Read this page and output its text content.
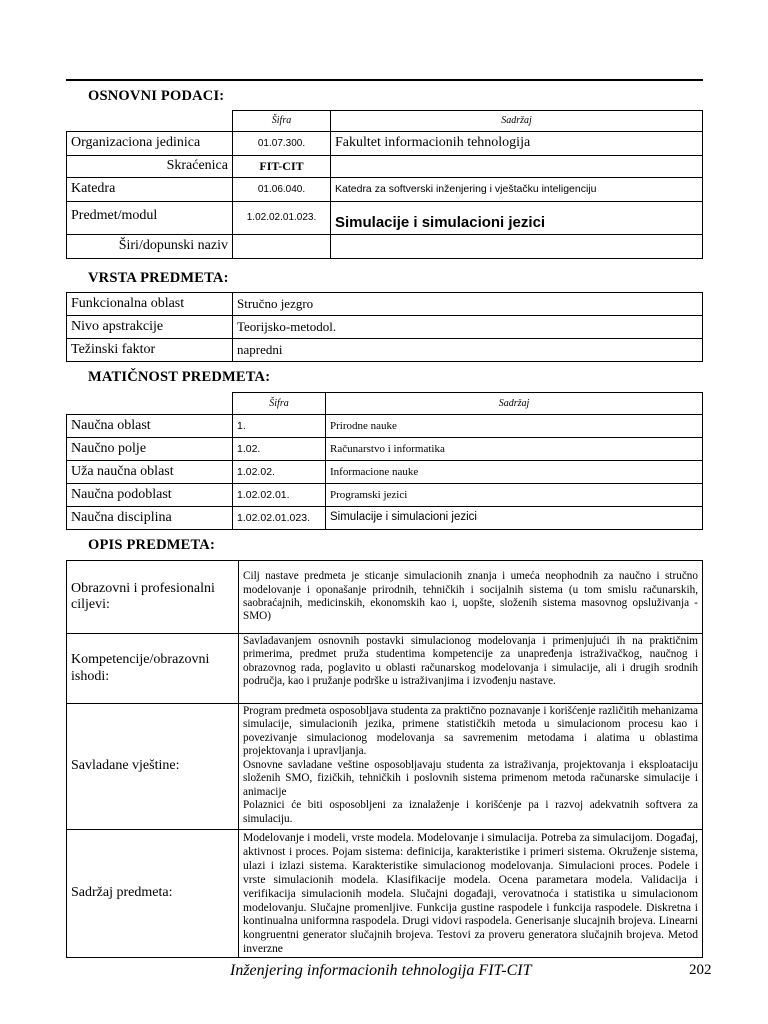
OSNOVNI PODACI:
	Šifra	Sadržaj
Organizaciona jedinica	01.07.300.	Fakultet informacionih tehnologija
Skraćenica	FIT-CIT	
Katedra	01.06.040.	Katedra za softverski inženjering i vještačku inteligenciju
Predmet/modul	1.02.02.01.023.	Simulacije i simulacioni jezici
Širi/dopunski naziv		
VRSTA PREDMETA:
Funkcionalna oblast	Stručno jezgro
Nivo apstrakcije	Teorijsko-metodol.
Težinski faktor	napredni
MATIČNOST PREDMETA:
	Šifra	Sadržaj
Naučna oblast	1.	Prirodne nauke
Naučno polje	1.02.	Računarstvo i informatika
Uža naučna oblast	1.02.02.	Informacione nauke
Naučna podoblast	1.02.02.01.	Programski jezici
Naučna disciplina	1.02.02.01.023.	Simulacije i simulacioni jezici
OPIS PREDMETA:
Obrazovni i profesionalni ciljevi:	Cilj nastave predmeta je sticanje simulacionih znanja i umeća neophodnih za naučno i stručno modelovanje i oponašanje prirodnih, tehničkih i socijalnih sistema (u tom smislu računarskih, saobraćajnih, medicinskih, ekonomskih kao i, uopšte, složenih sistema masovnog opsluživanja - SMO)
Kompetencije/obrazovni ishodi:	Savladavanjem osnovnih postavki simulacionog modelovanja i primenjujući ih na praktičnim primerima, predmet pruža studentima kompetencije za unapređenja istraživačkog, naučnog i obrazovnog rada, poglavito u oblasti računarskog modelovanja i simulacije, ali i drugih srodnih područja, kao i pružanje podrške u istraživanjima i izvođenju nastave.
Savladane vještine:	Program predmeta osposobljava studenta za praktično poznavanje i korišćenje različitih mehanizama simulacije, simulacionih jezika, primene statističkih metoda u simulacionom procesu kao i povezivanje simulacionog modelovanja sa savremenim metodama i alatima u oblastima projektovanja i upravljanja.
Osnovne savladane veštine osposobljavaju studenta za istraživanja, projektovanja i eksploataciju složenih SMO, fizičkih, tehničkih i poslovnih sistema primenom metoda računarske simulacije i animacije
Polaznici će biti osposobljeni za iznalaženje i korišćenje pa i razvoj adekvatnih softvera za simulaciju.

Sadržaj predmeta:	Modelovanje i modeli, vrste modela. Modelovanje i simulacija. Potreba za simulacijom. Događaj, aktivnost i proces. Pojam sistema: definicija, karakteristike i primeri sistema. Okruženje sistema, ulazi i izlazi sistema. Karakteristike simulacionog modelovanja. Simulacioni proces. Podele i vrste simulacionih modela. Klasifikacije modela. Ocena parametara modela. Validacija i verifikacija simulacionih modela. Slučajni događaji, verovatnoća i statistika u simulacionom modelovanju. Slučajne promenljive. Funkcija gustine raspodele i funkcija raspodele. Diskretna i kontinualna uniformna raspodela. Drugi vidovi raspodela. Generisanje slucajnih brojeva. Linearni kongruentni generator slučajnih brojeva. Testovi za proveru generatora slučajnih brojeva. Metod inverzne
Inženjering informacionih tehnologija FIT-CIT	202
